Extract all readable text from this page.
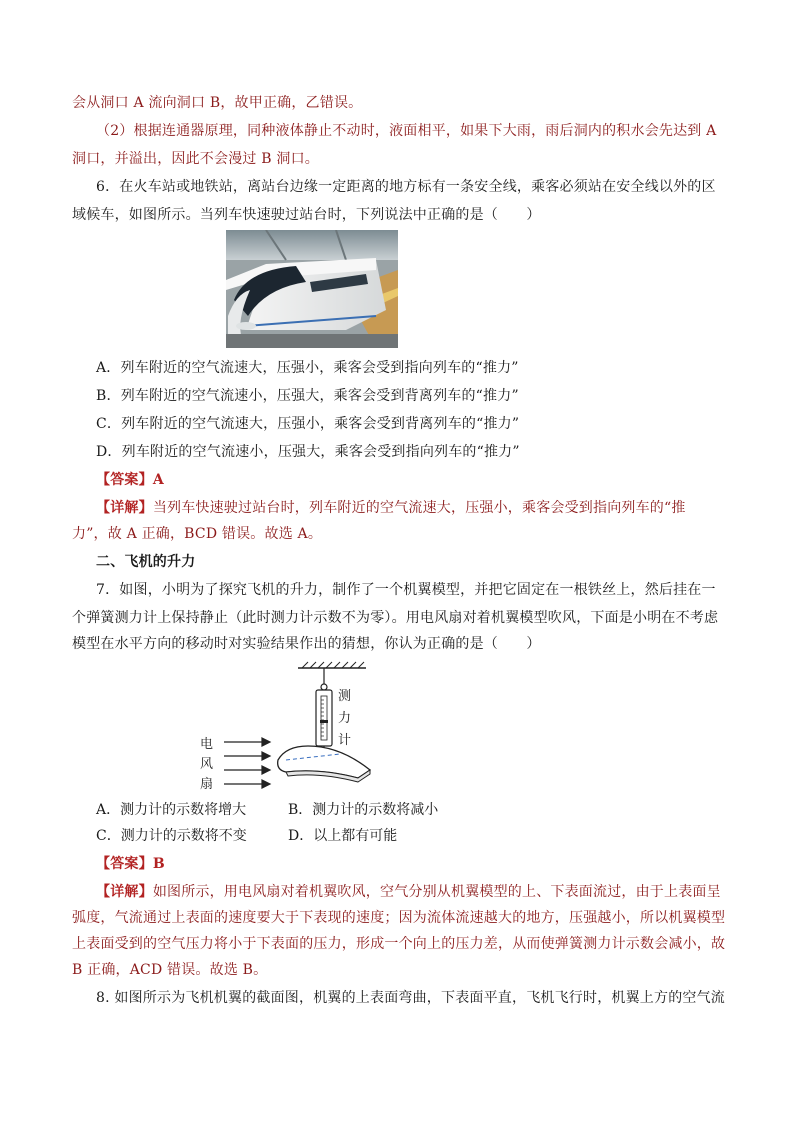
会从洞口 A 流向洞口 B，故甲正确，乙错误。
（2）根据连通器原理，同种液体静止不动时，液面相平，如果下大雨，雨后洞内的积水会先达到 A
洞口，并溢出，因此不会漫过 B 洞口。
6．在火车站或地铁站，离站台边缘一定距离的地方标有一条安全线，乘客必须站在安全线以外的区
域候车，如图所示。当列车快速驶过站台时，下列说法中正确的是（　　）
A．列车附近的空气流速大，压强小，乘客会受到指向列车的“推力”
B．列车附近的空气流速小，压强大，乘客会受到背离列车的“推力”
C．列车附近的空气流速大，压强小，乘客会受到背离列车的“推力”
D．列车附近的空气流速小，压强大，乘客会受到指向列车的“推力”
【答案】A
【详解】当列车快速驶过站台时，列车附近的空气流速大，压强小，乘客会受到指向列车的“推
力”，故 A 正确，BCD 错误。故选 A。
二、飞机的升力
7．如图，小明为了探究飞机的升力，制作了一个机翼模型，并把它固定在一根铁丝上，然后挂在一
个弹簧测力计上保持静止（此时测力计示数不为零）。用电风扇对着机翼模型吹风，下面是小明在不考虑
模型在水平方向的移动时对实验结果作出的猜想，你认为正确的是（　　）
测
力
计
电
风
扇
A．测力计的示数将增大	B．测力计的示数将减小
C．测力计的示数将不变	D．以上都有可能
【答案】B
【详解】如图所示，用电风扇对着机翼吹风，空气分别从机翼模型的上、下表面流过，由于上表面呈
弧度，气流通过上表面的速度要大于下表现的速度；因为流体流速越大的地方，压强越小，所以机翼模型
上表面受到的空气压力将小于下表面的压力，形成一个向上的压力差，从而使弹簧测力计示数会减小，故
B 正确，ACD 错误。故选 B。
8. 如图所示为飞机机翼的截面图，机翼的上表面弯曲，下表面平直，飞机飞行时，机翼上方的空气流
